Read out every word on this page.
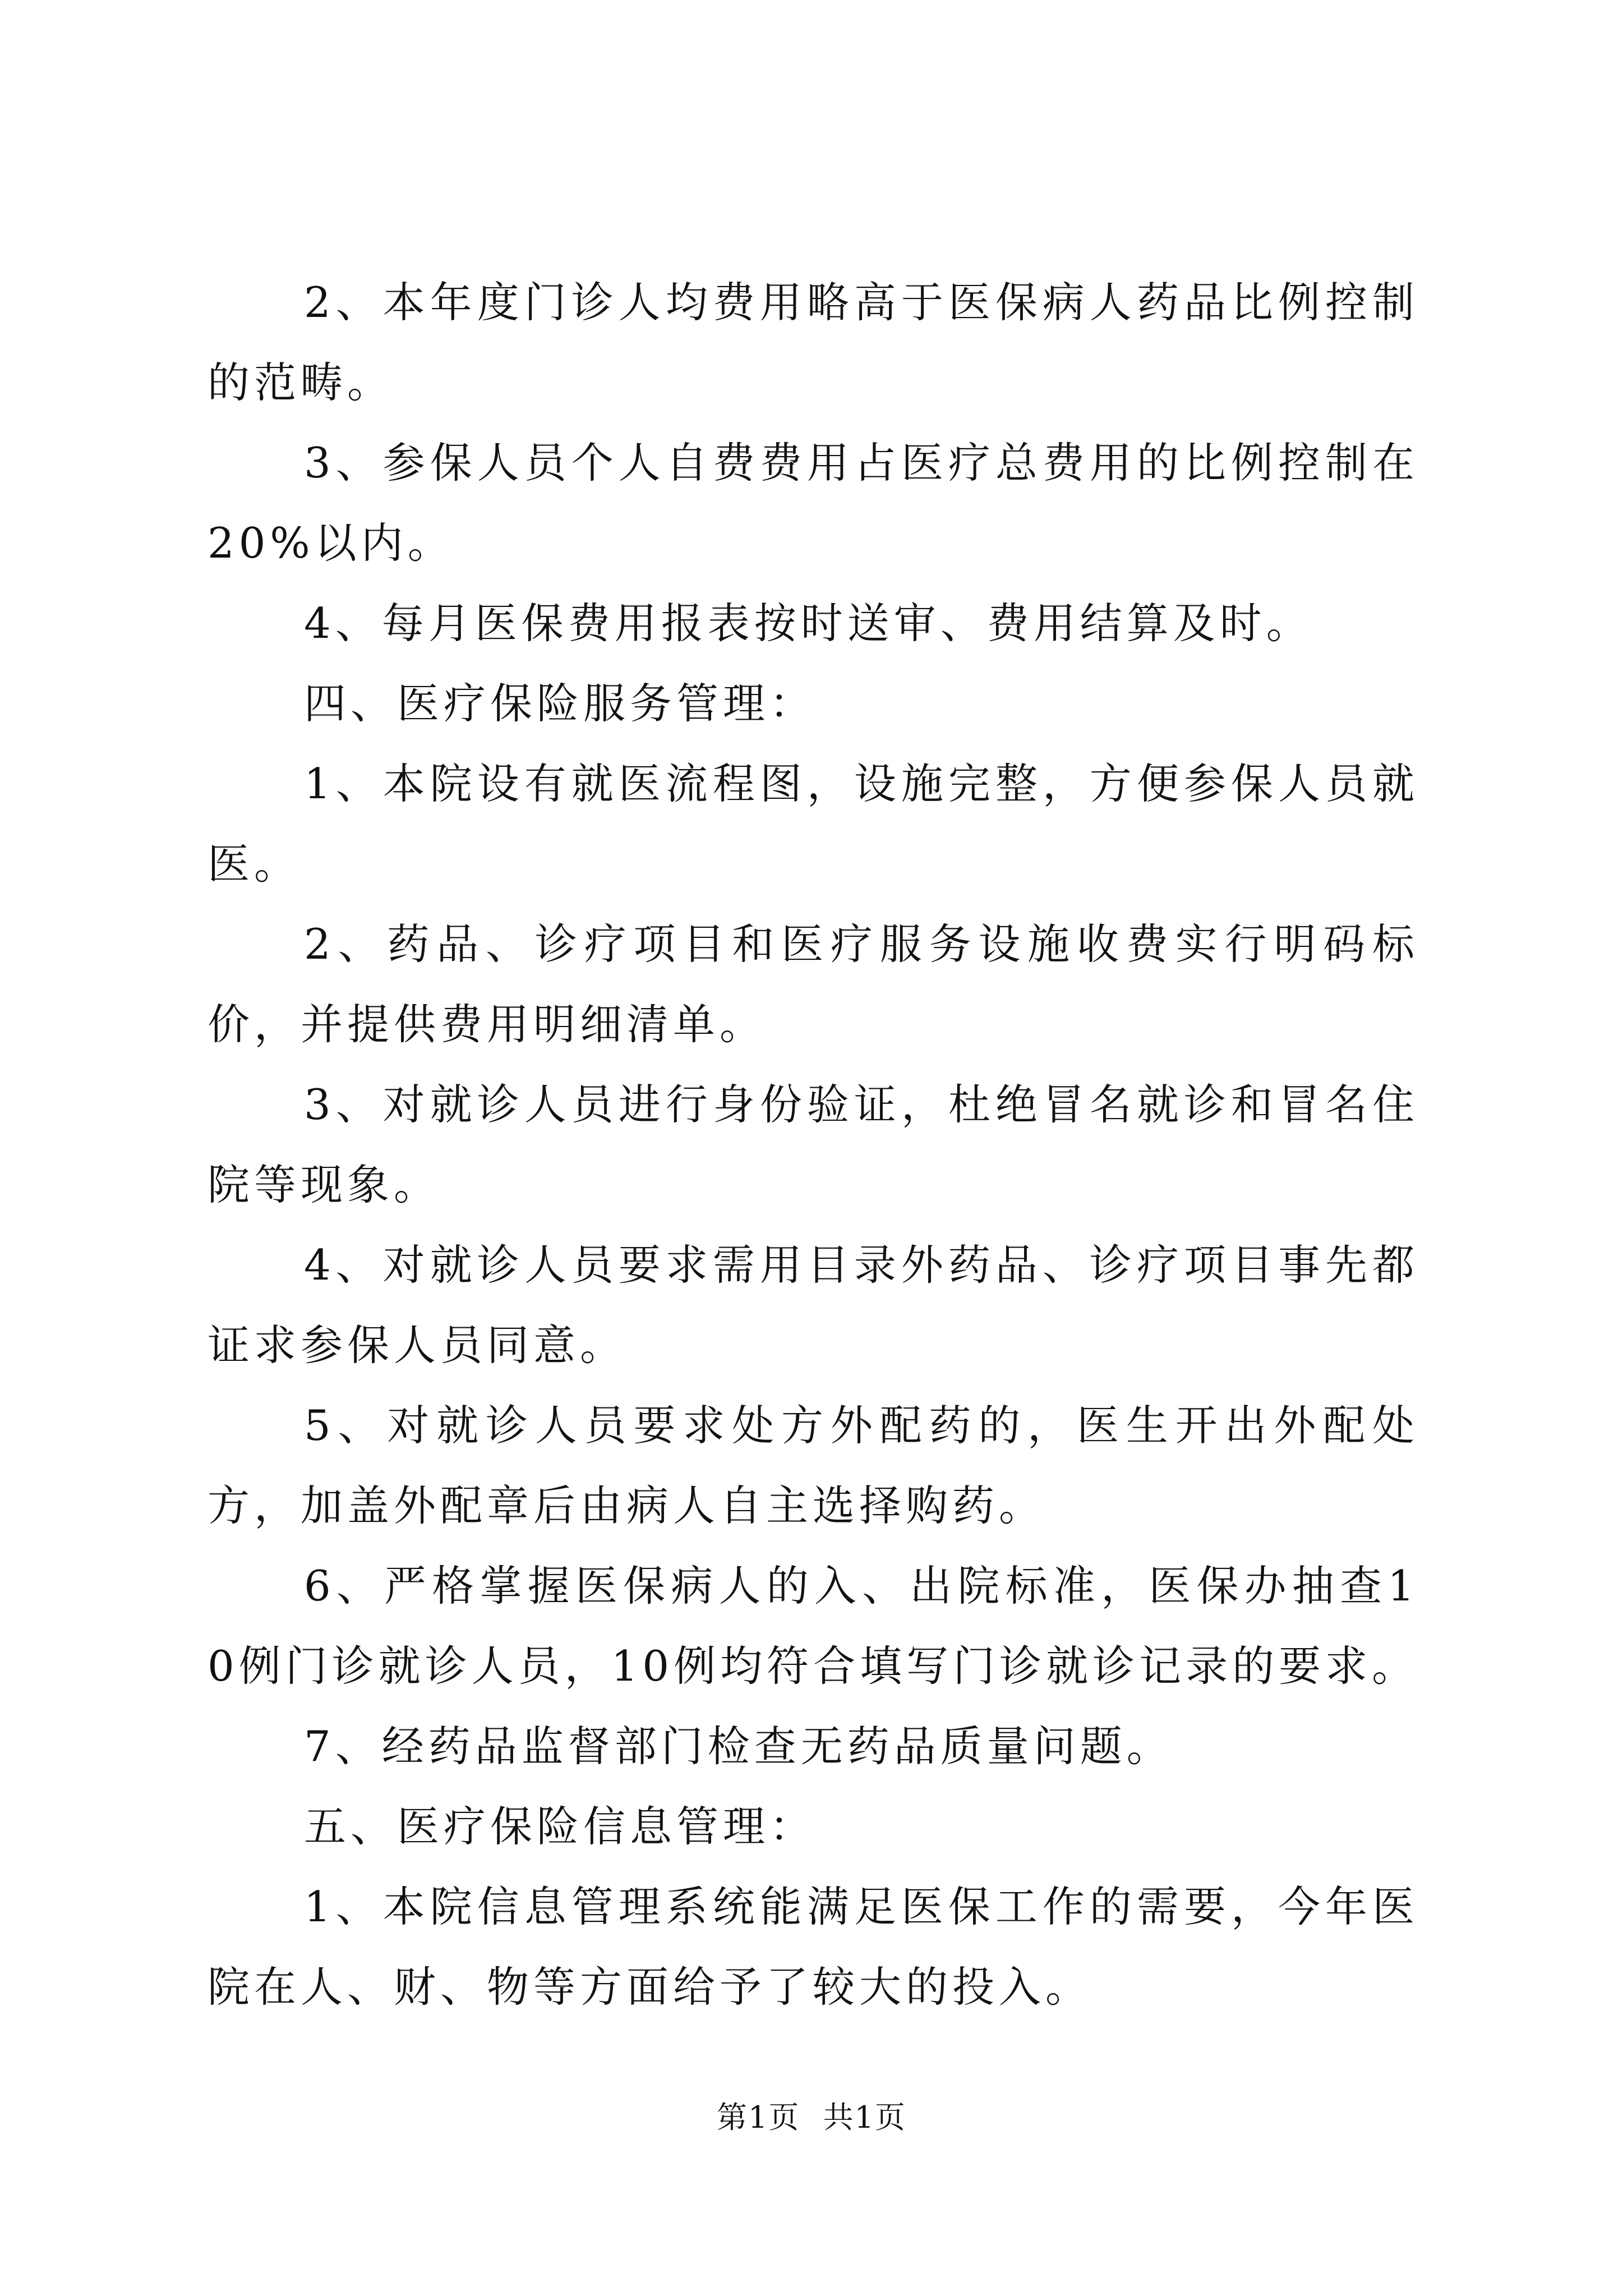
2、本年度门诊人均费用略高于医保病人药品比例控制的范畴。

3、参保人员个人自费费用占医疗总费用的比例控制在20%以内。

4、每月医保费用报表按时送审、费用结算及时。

四、医疗保险服务管理：

1、本院设有就医流程图，设施完整，方便参保人员就医。

2、药品、诊疗项目和医疗服务设施收费实行明码标价，并提供费用明细清单。

3、对就诊人员进行身份验证，杜绝冒名就诊和冒名住院等现象。

4、对就诊人员要求需用目录外药品、诊疗项目事先都证求参保人员同意。

5、对就诊人员要求处方外配药的，医生开出外配处方，加盖外配章后由病人自主选择购药。

6、严格掌握医保病人的入、出院标准，医保办抽查10例门诊就诊人员，10例均符合填写门诊就诊记录的要求。

7、经药品监督部门检查无药品质量问题。

五、医疗保险信息管理：

1、本院信息管理系统能满足医保工作的需要，今年医院在人、财、物等方面给予了较大的投入。

第1页 共1页
